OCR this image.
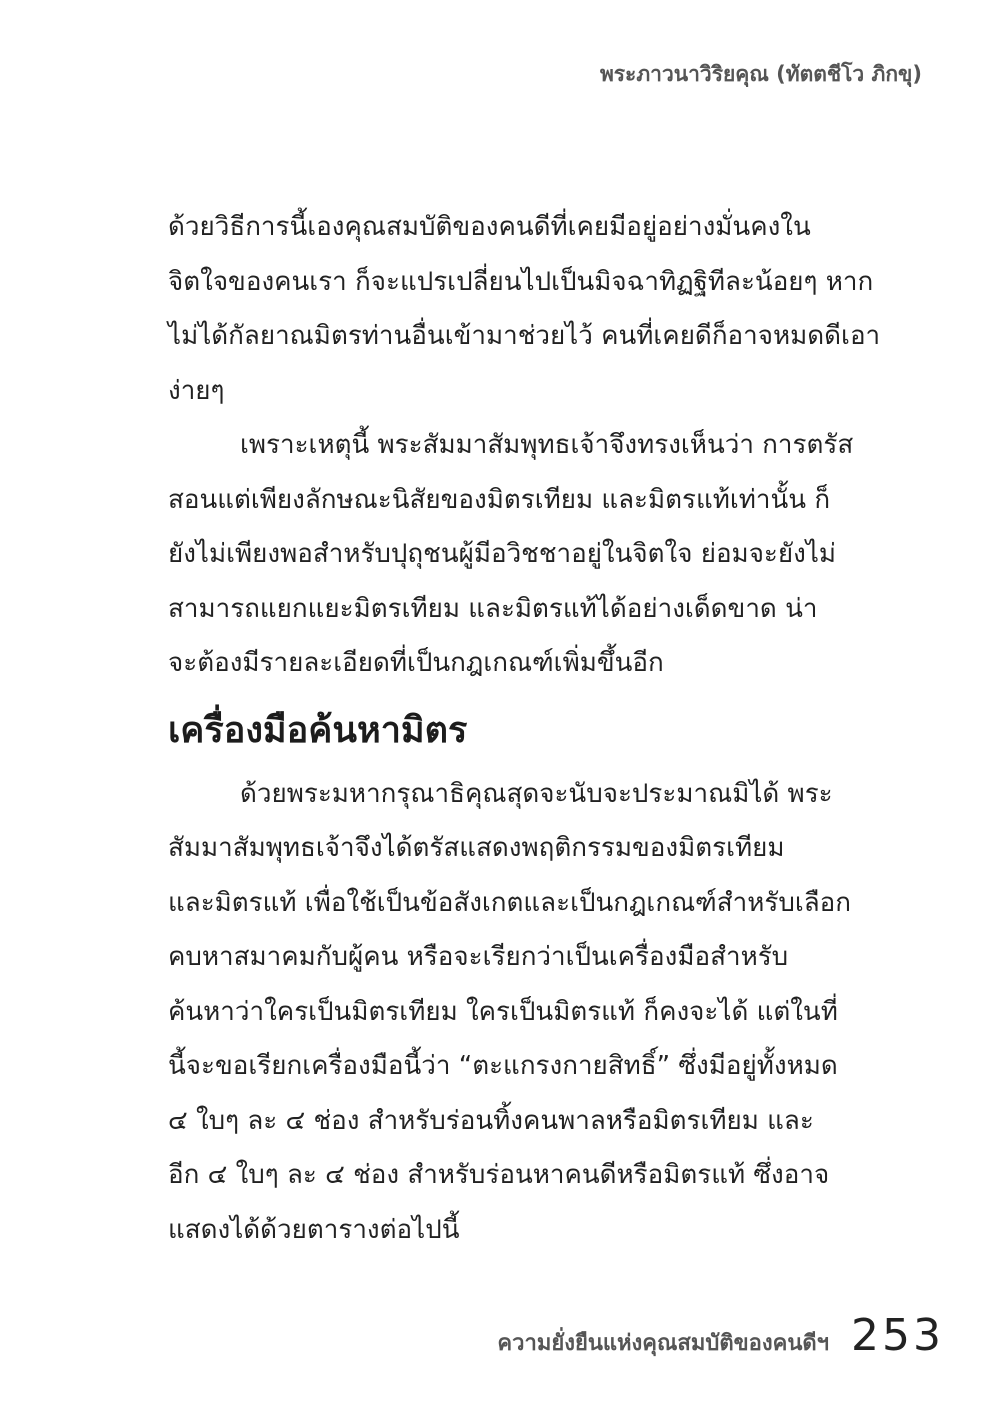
พระภาวนาวิริยคุณ (ทัตตชีโว ภิกขุ)
ด้วยวิธีการนี้เองคุณสมบัติของคนดีที่เคยมีอยู่อย่างมั่นคงใน
จิตใจของคนเรา ก็จะแปรเปลี่ยนไปเป็นมิจฉาทิฏฐิทีละน้อยๆ หาก
ไม่ได้กัลยาณมิตรท่านอื่นเข้ามาช่วยไว้ คนที่เคยดีก็อาจหมดดีเอา
ง่ายๆ
เพราะเหตุนี้ พระสัมมาสัมพุทธเจ้าจึงทรงเห็นว่า การตรัส
สอนแต่เพียงลักษณะนิสัยของมิตรเทียม และมิตรแท้เท่านั้น ก็
ยังไม่เพียงพอสำหรับปุถุชนผู้มีอวิชชาอยู่ในจิตใจ ย่อมจะยังไม่
สามารถแยกแยะมิตรเทียม และมิตรแท้ได้อย่างเด็ดขาด น่า
จะต้องมีรายละเอียดที่เป็นกฎเกณฑ์เพิ่มขึ้นอีก
เครื่องมือค้นหามิตร
ด้วยพระมหากรุณาธิคุณสุดจะนับจะประมาณมิได้ พระ
สัมมาสัมพุทธเจ้าจึงได้ตรัสแสดงพฤติกรรมของมิตรเทียม
และมิตรแท้ เพื่อใช้เป็นข้อสังเกตและเป็นกฎเกณฑ์สำหรับเลือก
คบหาสมาคมกับผู้คน หรือจะเรียกว่าเป็นเครื่องมือสำหรับ
ค้นหาว่าใครเป็นมิตรเทียม ใครเป็นมิตรแท้ ก็คงจะได้ แต่ในที่
นี้จะขอเรียกเครื่องมือนี้ว่า “ตะแกรงกายสิทธิ์” ซึ่งมีอยู่ทั้งหมด
๔ ใบๆ ละ ๔ ช่อง สำหรับร่อนทิ้งคนพาลหรือมิตรเทียม และ
อีก ๔ ใบๆ ละ ๔ ช่อง สำหรับร่อนหาคนดีหรือมิตรแท้ ซึ่งอาจ
แสดงได้ด้วยตารางต่อไปนี้
ความยั่งยืนแห่งคุณสมบัติของคนดีฯ 253
